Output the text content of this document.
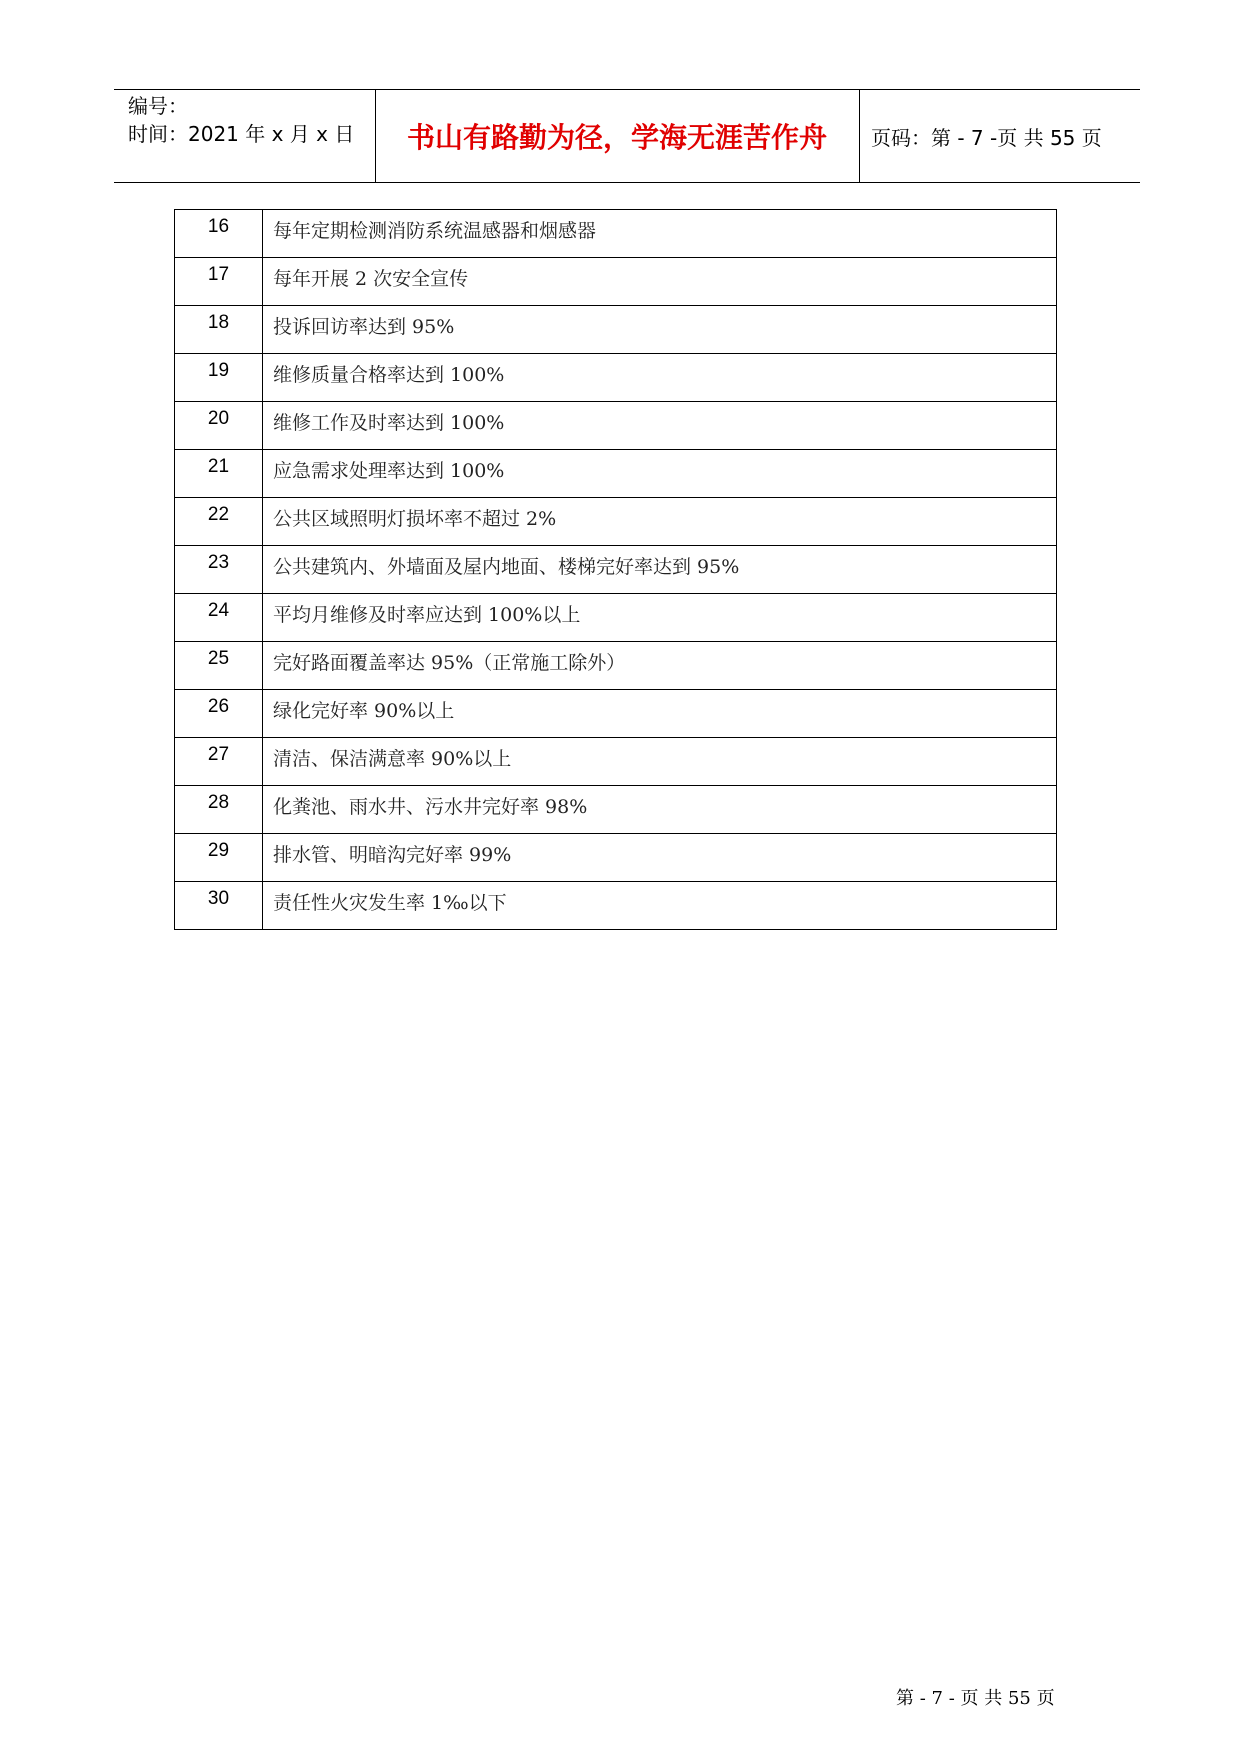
编号：
时间：2021 年 x 月 x 日	书山有路勤为径，学海无涯苦作舟	页码：第 - 7 -页 共 55 页
16	每年定期检测消防系统温感器和烟感器
17	每年开展 2 次安全宣传
18	投诉回访率达到 95%
19	维修质量合格率达到 100%
20	维修工作及时率达到 100%
21	应急需求处理率达到 100%
22	公共区域照明灯损坏率不超过 2%
23	公共建筑内、外墙面及屋内地面、楼梯完好率达到 95%
24	平均月维修及时率应达到 100%以上
25	完好路面覆盖率达 95%（正常施工除外）
26	绿化完好率 90%以上
27	清洁、保洁满意率 90%以上
28	化粪池、雨水井、污水井完好率 98%
29	排水管、明暗沟完好率 99%
30	责任性火灾发生率 1‰以下
第 - 7 - 页 共 55 页
